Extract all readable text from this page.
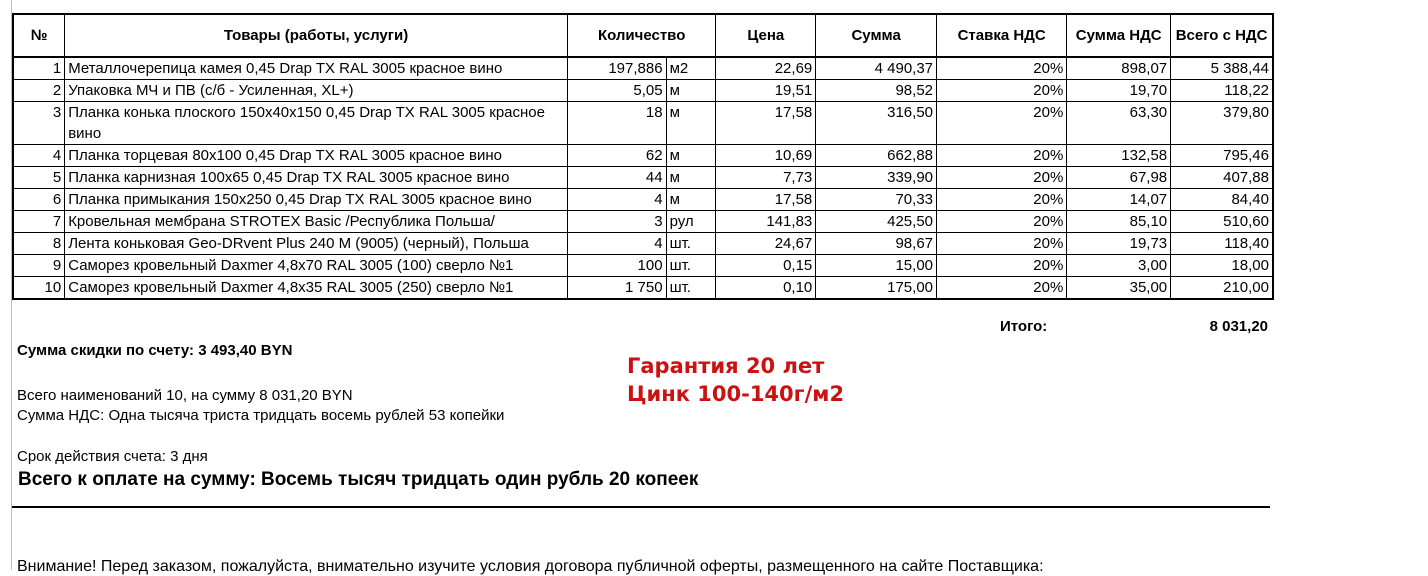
№	Товары (работы, услуги)	Количество		Цена	Сумма	Ставка НДС	Сумма НДС	Всего с НДС
1	Металлочерепица камея 0,45 Drap TX RAL 3005 красное вино	197,886	м2	22,69	4 490,37	20%	898,07	5 388,44
2	Упаковка МЧ и ПВ (с/б - Усиленная, XL+)	5,05	м	19,51	98,52	20%	19,70	118,22
3	Планка конька плоского 150х40х150 0,45 Drap TX RAL 3005 красное вино	18	м	17,58	316,50	20%	63,30	379,80
4	Планка торцевая 80х100 0,45 Drap TX RAL 3005 красное вино	62	м	10,69	662,88	20%	132,58	795,46
5	Планка карнизная 100х65 0,45 Drap TX RAL 3005 красное вино	44	м	7,73	339,90	20%	67,98	407,88
6	Планка примыкания 150х250 0,45 Drap TX RAL 3005 красное вино	4	м	17,58	70,33	20%	14,07	84,40
7	Кровельная мембрана STROTEX Basic /Республика Польша/	3	рул	141,83	425,50	20%	85,10	510,60
8	Лента коньковая Geo-DRvent Plus 240 M (9005) (черный), Польша	4	шт.	24,67	98,67	20%	19,73	118,40
9	Саморез кровельный Daxmer 4,8х70 RAL 3005 (100) сверло №1	100	шт.	0,15	15,00	20%	3,00	18,00
10	Саморез кровельный Daxmer 4,8х35 RAL 3005 (250) сверло №1	1 750	шт.	0,10	175,00	20%	35,00	210,00
Итого:	8 031,20
Сумма скидки по счету: 3 493,40 BYN
Гарантия 20 лет
Цинк 100-140г/м2
Всего наименований 10, на сумму 8 031,20 BYN
Сумма НДС: Одна тысяча триста тридцать восемь рублей 53 копейки
Срок действия счета: 3 дня
Всего к оплате на сумму: Восемь тысяч тридцать один рубль 20 копеек
Внимание! Перед заказом, пожалуйста, внимательно изучите условия договора публичной оферты, размещенного на сайте Поставщика:
